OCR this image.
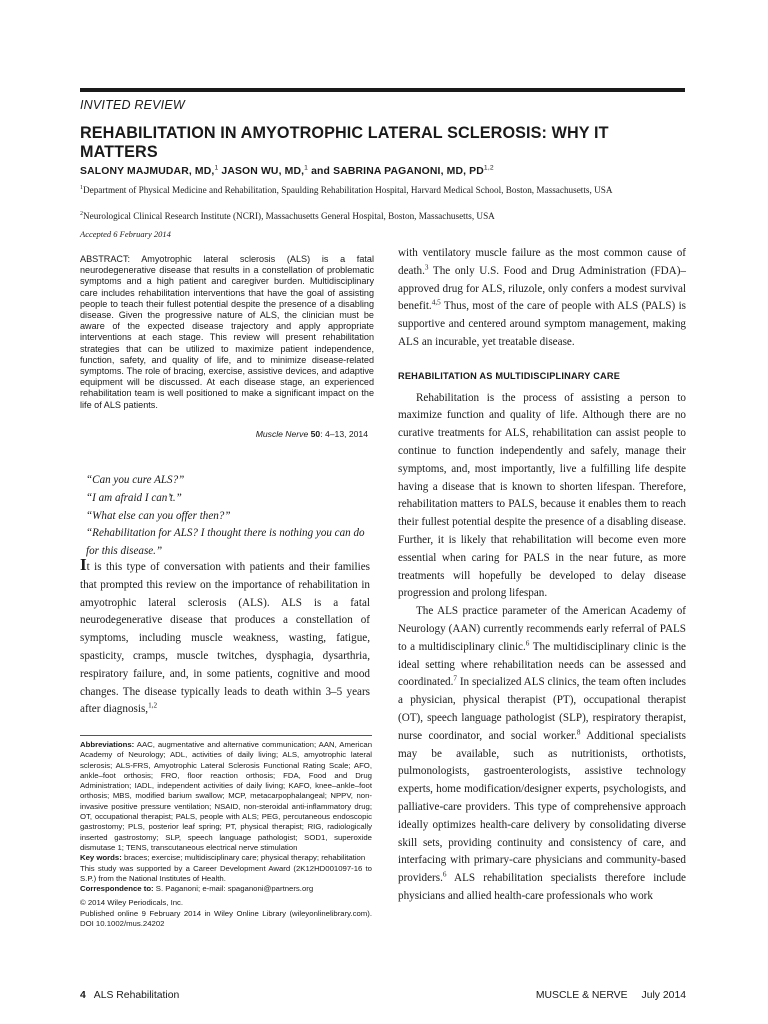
INVITED REVIEW
REHABILITATION IN AMYOTROPHIC LATERAL SCLEROSIS: WHY IT MATTERS
SALONY MAJMUDAR, MD,$^1$ JASON WU, MD,$^1$ and SABRINA PAGANONI, MD, PD$^{1,2}$
$^1$Department of Physical Medicine and Rehabilitation, Spaulding Rehabilitation Hospital, Harvard Medical School, Boston, Massachusetts, USA
$^2$Neurological Clinical Research Institute (NCRI), Massachusetts General Hospital, Boston, Massachusetts, USA
Accepted 6 February 2014

ABSTRACT: Amyotrophic lateral sclerosis (ALS) is a fatal neurodegenerative disease that results in a constellation of problematic symptoms and a high patient and caregiver burden. Multidisciplinary care includes rehabilitation interventions that have the goal of assisting people to teach their fullest potential despite the presence of a disabling disease. Given the progressive nature of ALS, the clinician must be aware of the expected disease trajectory and apply appropriate interventions at each stage. This review will present rehabilitation strategies that can be utilized to maximize patient independence, function, safety, and quality of life, and to minimize disease-related symptoms. The role of bracing, exercise, assistive devices, and adaptive equipment will be discussed. At each disease stage, an experienced rehabilitation team is well positioned to make a significant impact on the life of ALS patients.

Muscle Nerve 50: 4–13, 2014

“Can you cure ALS?”

“I am afraid I can’t.”

“What else can you offer then?”

“Rehabilitation for ALS? I thought there is nothing you can do for this disease.”

It is this type of conversation with patients and their families that prompted this review on the importance of rehabilitation in amyotrophic lateral sclerosis (ALS). ALS is a fatal neurodegenerative disease that produces a constellation of symptoms, including muscle weakness, wasting, fatigue, spasticity, cramps, muscle twitches, dysphagia, dysarthria, respiratory failure, and, in some patients, cognitive and mood changes. The disease typically leads to death within 3–5 years after diagnosis,$^{1,2}$

Abbreviations: AAC, augmentative and alternative communication; AAN, American Academy of Neurology; ADL, activities of daily living; ALS, amyotrophic lateral sclerosis; ALS-FRS, Amyotrophic Lateral Sclerosis Functional Rating Scale; AFO, ankle–foot orthosis; FRO, floor reaction orthosis; FDA, Food and Drug Administration; IADL, independent activities of daily living; KAFO, knee–ankle–foot orthosis; MBS, modified barium swallow; MCP, metacarpophalangeal; NPPV, non-invasive positive pressure ventilation; NSAID, non-steroidal anti-inflammatory drug; OT, occupational therapist; PALS, people with ALS; PEG, percutaneous endoscopic gastrostomy; PLS, posterior leaf spring; PT, physical therapist; RIG, radiologically inserted gastrostomy; SLP, speech language pathologist; SOD1, superoxide dismutase 1; TENS, transcutaneous electrical nerve stimulation

Key words: braces; exercise; multidisciplinary care; physical therapy; rehabilitation

This study was supported by a Career Development Award (2K12HD001097-16 to S.P.) from the National Institutes of Health.

Correspondence to: S. Paganoni; e-mail: spaganoni@partners.org

© 2014 Wiley Periodicals, Inc.

Published online 9 February 2014 in Wiley Online Library (wileyonlinelibrary.com). DOI 10.1002/mus.24202

with ventilatory muscle failure as the most common cause of death.$^3$ The only U.S. Food and Drug Administration (FDA)–approved drug for ALS, riluzole, only confers a modest survival benefit.$^{4,5}$ Thus, most of the care of people with ALS (PALS) is supportive and centered around symptom management, making ALS an incurable, yet treatable disease.

REHABILITATION AS MULTIDISCIPLINARY CARE

Rehabilitation is the process of assisting a person to maximize function and quality of life. Although there are no curative treatments for ALS, rehabilitation can assist people to continue to function independently and safely, manage their symptoms, and, most importantly, live a fulfilling life despite having a disease that is known to shorten lifespan. Therefore, rehabilitation matters to PALS, because it enables them to reach their fullest potential despite the presence of a disabling disease. Further, it is likely that rehabilitation will become even more essential when caring for PALS in the near future, as more treatments will hopefully be developed to delay disease progression and prolong lifespan.

The ALS practice parameter of the American Academy of Neurology (AAN) currently recommends early referral of PALS to a multidisciplinary clinic.$^6$ The multidisciplinary clinic is the ideal setting where rehabilitation needs can be assessed and coordinated.$^7$ In specialized ALS clinics, the team often includes a physician, physical therapist (PT), occupational therapist (OT), speech language pathologist (SLP), respiratory therapist, nurse coordinator, and social worker.$^8$ Additional specialists may be available, such as nutritionists, orthotists, pulmonologists, gastroenterologists, assistive technology experts, home modification/designer experts, psychologists, and palliative-care providers. This type of comprehensive approach ideally optimizes health-care delivery by consolidating diverse skill sets, providing continuity and consistency of care, and interfacing with primary-care physicians and community-based providers.$^6$ ALS rehabilitation specialists therefore include physicians and allied health-care professionals who work

4 ALS Rehabilitation	MUSCLE & NERVE July 2014
